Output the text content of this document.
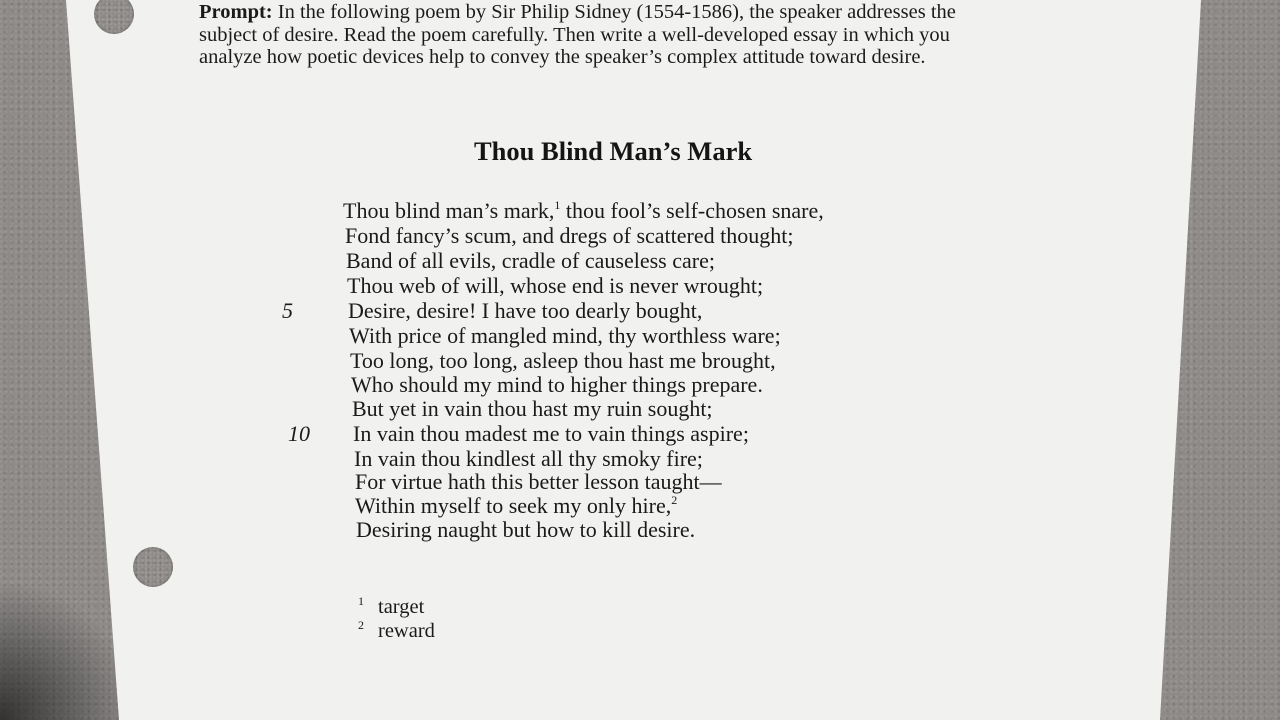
Prompt: In the following poem by Sir Philip Sidney (1554-1586), the speaker addresses the subject of desire. Read the poem carefully. Then write a well-developed essay in which you analyze how poetic devices help to convey the speaker’s complex attitude toward desire.

Thou Blind Man’s Mark

Thou blind man’s mark,$^1$ thou fool’s self-chosen snare,

Fond fancy’s scum, and dregs of scattered thought;

Band of all evils, cradle of causeless care;

Thou web of will, whose end is never wrought;

5	Desire, desire! I have too dearly bought,

With price of mangled mind, thy worthless ware;

Too long, too long, asleep thou hast me brought,

Who should my mind to higher things prepare.

But yet in vain thou hast my ruin sought;

10 In vain thou madest me to vain things aspire;

In vain thou kindlest all thy smoky fire;

For virtue hath this better lesson taught—

Within myself to seek my only hire,$^2$

Desiring naught but how to kill desire.

1 target
2 reward
